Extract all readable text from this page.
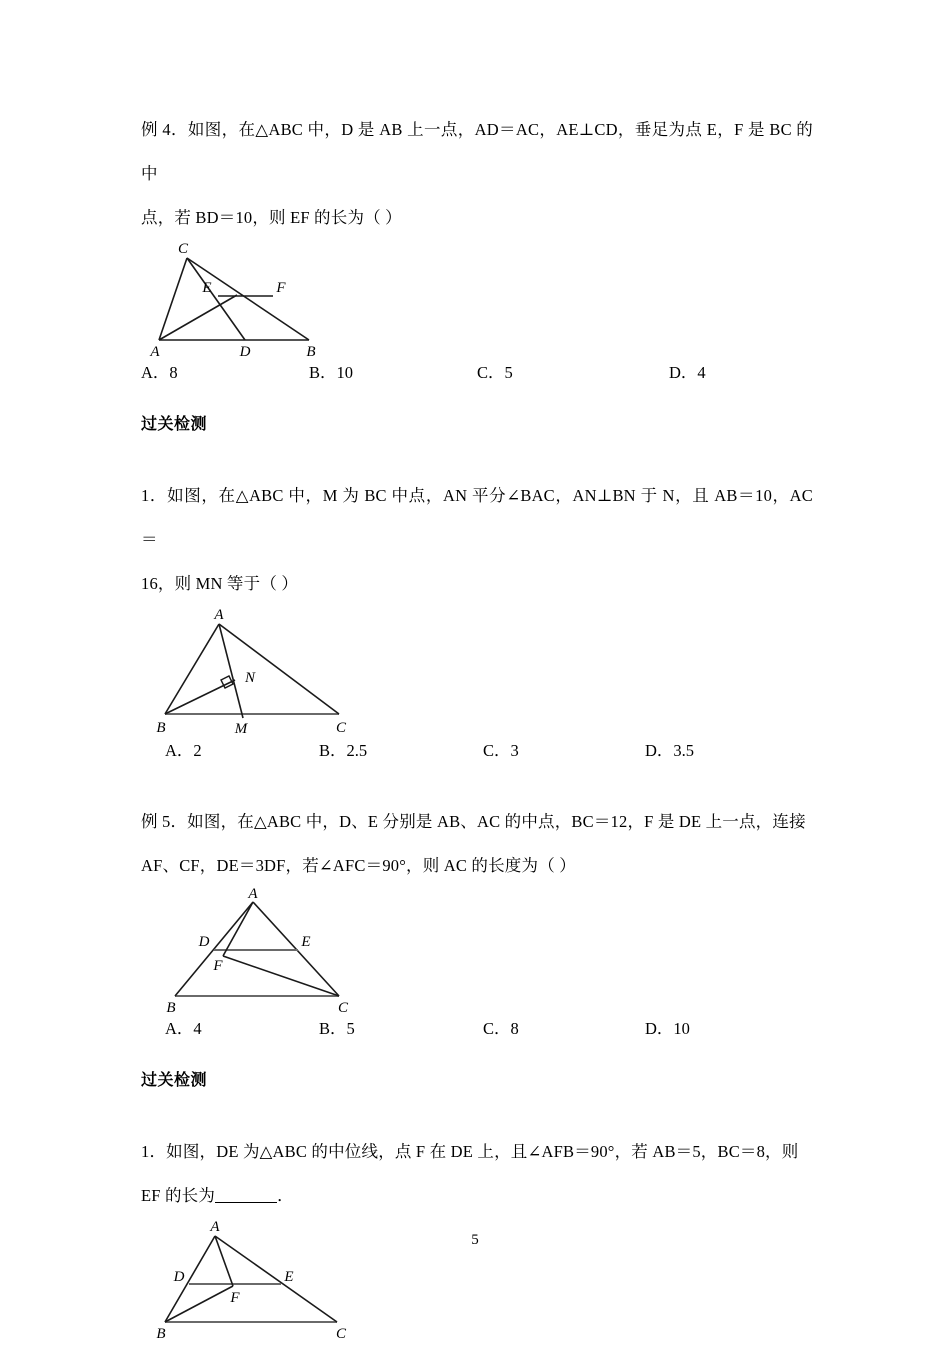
例 4．如图，在△ABC 中，D 是 AB 上一点，AD＝AC，AE⊥CD，垂足为点 E，F 是 BC 的中
点，若 BD＝10，则 EF 的长为（ ）
C
E	F
A	D	B
A．8	B．10	C．5	D．4
过关检测
1．如图，在△ABC 中，M 为 BC 中点，AN 平分∠BAC，AN⊥BN 于 N，且 AB＝10，AC＝
16，则 MN 等于（ ）
A
N
B	M	C
A．2	B．2.5	C．3	D．3.5
例 5．如图，在△ABC 中，D、E 分别是 AB、AC 的中点，BC＝12，F 是 DE 上一点，连接
AF、CF，DE＝3DF，若∠AFC＝90°，则 AC 的长度为（ ）
A
D	E
F
B	C
A．4	B．5	C．8	D．10
过关检测
1．如图，DE 为△ABC 的中位线，点 F 在 DE 上，且∠AFB＝90°，若 AB＝5，BC＝8，则
EF 的长为	．
A
D	E
F
B	C
5
